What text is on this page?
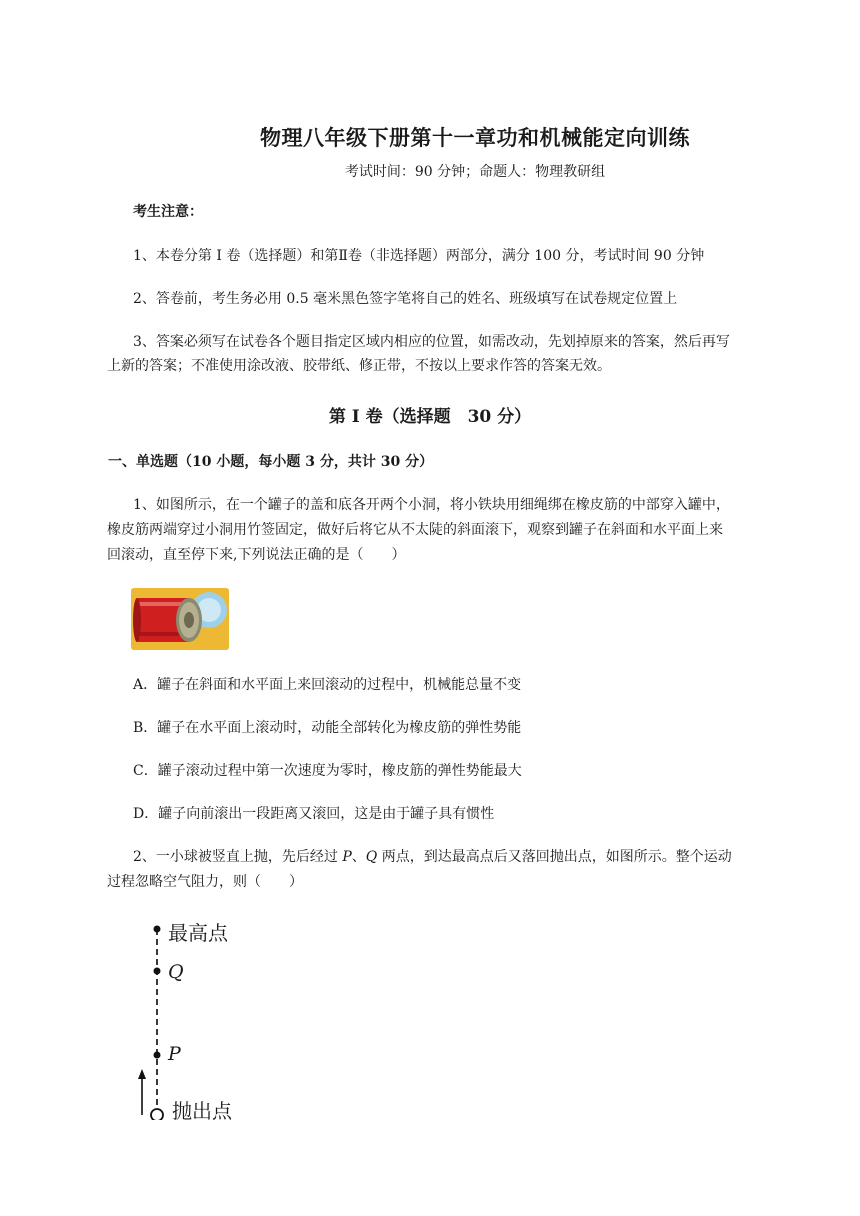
物理八年级下册第十一章功和机械能定向训练
考试时间：90 分钟；命题人：物理教研组
考生注意：
1、本卷分第 I 卷（选择题）和第Ⅱ卷（非选择题）两部分，满分 100 分，考试时间 90 分钟
2、答卷前，考生务必用 0.5 毫米黑色签字笔将自己的姓名、班级填写在试卷规定位置上
3、答案必须写在试卷各个题目指定区域内相应的位置，如需改动，先划掉原来的答案，然后再写
上新的答案；不准使用涂改液、胶带纸、修正带，不按以上要求作答的答案无效。
第 I 卷（选择题　30 分）
一、单选题（10 小题，每小题 3 分，共计 30 分）
1、如图所示，在一个罐子的盖和底各开两个小洞，将小铁块用细绳绑在橡皮筋的中部穿入罐中，
橡皮筋两端穿过小洞用竹签固定，做好后将它从不太陡的斜面滚下，观察到罐子在斜面和水平面上来
回滚动，直至停下来,下列说法正确的是（　　）
A．罐子在斜面和水平面上来回滚动的过程中，机械能总量不变
B．罐子在水平面上滚动时，动能全部转化为橡皮筋的弹性势能
C．罐子滚动过程中第一次速度为零时，橡皮筋的弹性势能最大
D．罐子向前滚出一段距离又滚回，这是由于罐子具有惯性
2、一小球被竖直上抛，先后经过 P、Q 两点，到达最高点后又落回抛出点，如图所示。整个运动
过程忽略空气阻力，则（　　）
最高点
Q
P
抛出点
